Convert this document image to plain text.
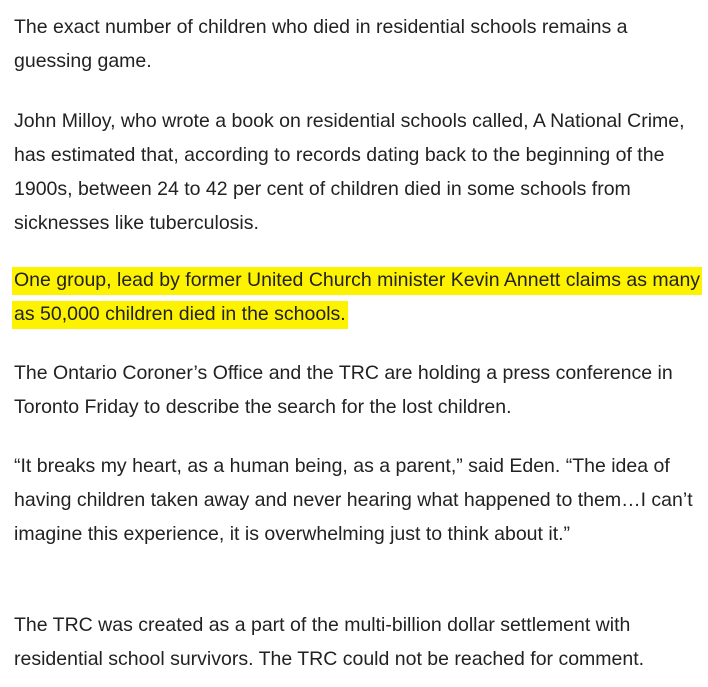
The exact number of children who died in residential schools remains a guessing game.

John Milloy, who wrote a book on residential schools called, A National Crime, has estimated that, according to records dating back to the beginning of the 1900s, between 24 to 42 per cent of children died in some schools from sicknesses like tuberculosis.

One group, lead by former United Church minister Kevin Annett claims as many as 50,000 children died in the schools.

The Ontario Coroner’s Office and the TRC are holding a press conference in Toronto Friday to describe the search for the lost children.

“It breaks my heart, as a human being, as a parent,” said Eden. “The idea of having children taken away and never hearing what happened to them…I can’t imagine this experience, it is overwhelming just to think about it.”

The TRC was created as a part of the multi-billion dollar settlement with residential school survivors. The TRC could not be reached for comment.
